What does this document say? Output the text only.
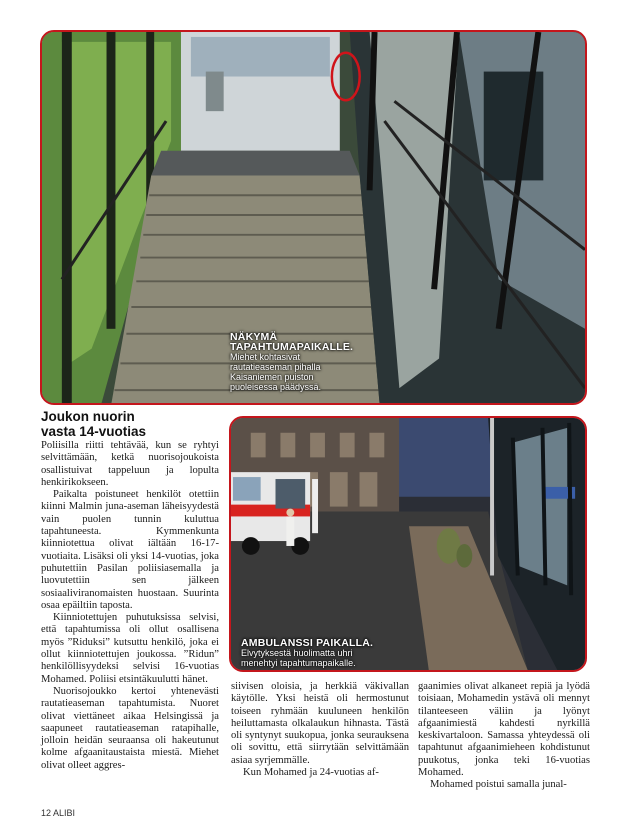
NÄKYMÄ
TAPAHTUMAPAIKALLE.
Miehet kohtasivat
rautatieaseman pihalla
Kaisaniemen puiston
puoleisessa päädyssä.
AMBULANSSI PAIKALLA.
Elvytyksestä huolimatta uhri
menehtyi tapahtumapaikalle.
Joukon nuorin
vasta 14-vuotias

Poliisilla riitti tehtävää, kun se ryhtyi selvittämään, ketkä nuorisojoukoista osallistuivat tappeluun ja lopulta henkirikokseen.

Paikalta poistuneet henkilöt otettiin kiinni Malmin juna-aseman läheisyydestä vain puolen tunnin kuluttua tapahtuneesta. Kymmenkunta kiinniotettua olivat iältään 16-17-vuotiaita. Lisäksi oli yksi 14-vuotias, joka puhutettiin Pasilan poliisiasemalla ja luovutettiin sen jälkeen sosiaaliviranomaisten huostaan. Suurinta osaa epäiltiin taposta.

Kiinniotettujen puhutuksissa selvisi, että tapahtumissa oli ollut osallisena myös ”Riduksi” kutsuttu henkilö, joka ei ollut kiinniotettujen joukossa. ”Ridun” henkilöllisyydeksi selvisi 16-vuotias Mohamed. Poliisi etsintäkuulutti hänet.

Nuorisojoukko kertoi yhtenevästi rautatieaseman tapahtumista. Nuoret olivat viettäneet aikaa Helsingissä ja saapuneet rautatieaseman ratapihalle, jolloin heidän seuraansa oli hakeutunut kolme afgaanitaustaista miestä. Miehet olivat olleet aggres-

siivisen oloisia, ja herkkiä väkivallan käytölle. Yksi heistä oli hermostunut toiseen ryhmään kuuluneen henkilön heiluttamasta olkalaukun hihnasta. Tästä oli syntynyt suukopua, jonka seurauksena oli sovittu, että siirrytään selvittämään asiaa syrjemmälle.

Kun Mohamed ja 24-vuotias af-

gaanimies olivat alkaneet repiä ja lyödä toisiaan, Mohamedin ystävä oli mennyt tilanteeseen väliin ja lyönyt afgaanimiestä kahdesti nyrkillä keskivartaloon. Samassa yhteydessä oli tapahtunut afgaanimieheen kohdistunut puukotus, jonka teki 16-vuotias Mohamed.

Mohamed poistui samalla junal-

12 ALIBI
